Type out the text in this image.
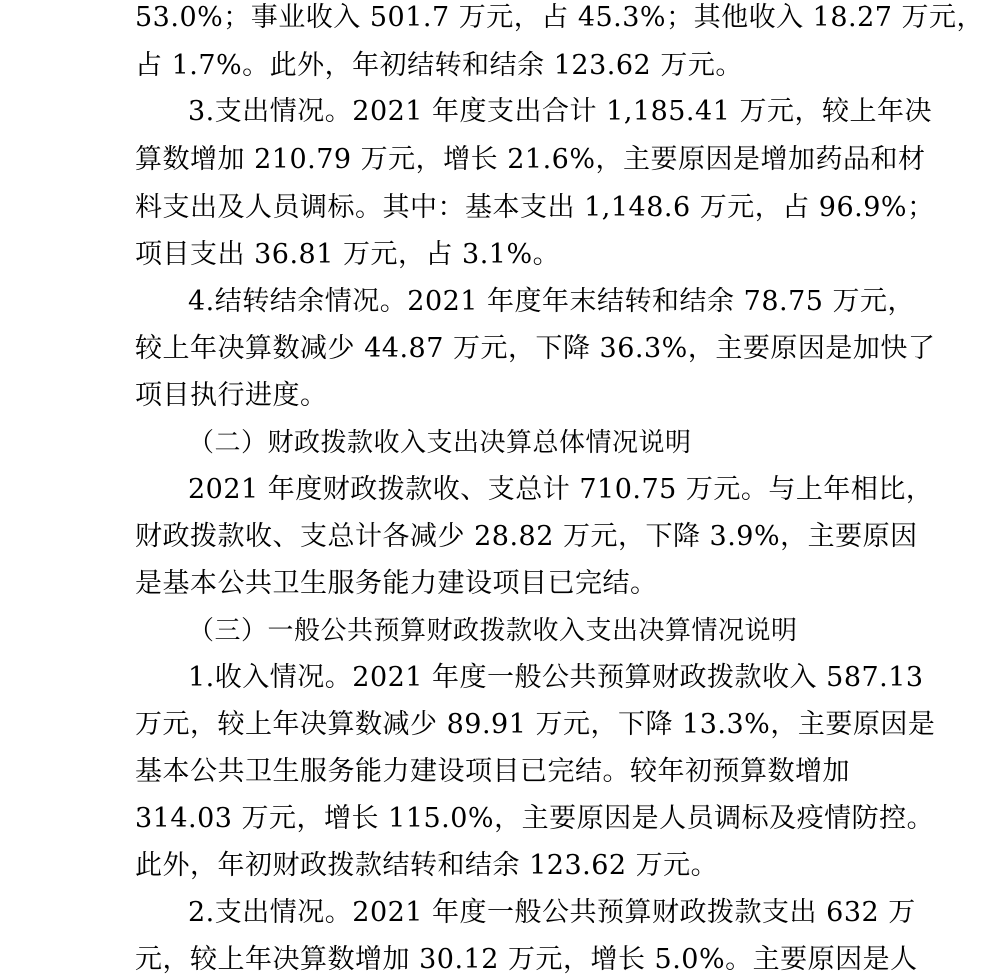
53.0%；事业收入 501.7 万元，占 45.3%；其他收入 18.27 万元，
占 1.7%。此外，年初结转和结余 123.62 万元。
3.支出情况。2021 年度支出合计 1,185.41 万元，较上年决
算数增加 210.79 万元，增长 21.6%，主要原因是增加药品和材
料支出及人员调标。其中：基本支出 1,148.6 万元，占 96.9%；
项目支出 36.81 万元，占 3.1%。
4.结转结余情况。2021 年度年末结转和结余 78.75 万元，
较上年决算数减少 44.87 万元，下降 36.3%，主要原因是加快了
项目执行进度。
（二）财政拨款收入支出决算总体情况说明
2021 年度财政拨款收、支总计 710.75 万元。与上年相比，
财政拨款收、支总计各减少 28.82 万元，下降 3.9%，主要原因
是基本公共卫生服务能力建设项目已完结。
（三）一般公共预算财政拨款收入支出决算情况说明
1.收入情况。2021 年度一般公共预算财政拨款收入 587.13
万元，较上年决算数减少 89.91 万元，下降 13.3%，主要原因是
基本公共卫生服务能力建设项目已完结。较年初预算数增加
314.03 万元，增长 115.0%，主要原因是人员调标及疫情防控。
此外，年初财政拨款结转和结余 123.62 万元。
2.支出情况。2021 年度一般公共预算财政拨款支出 632 万
元，较上年决算数增加 30.12 万元，增长 5.0%。主要原因是人
